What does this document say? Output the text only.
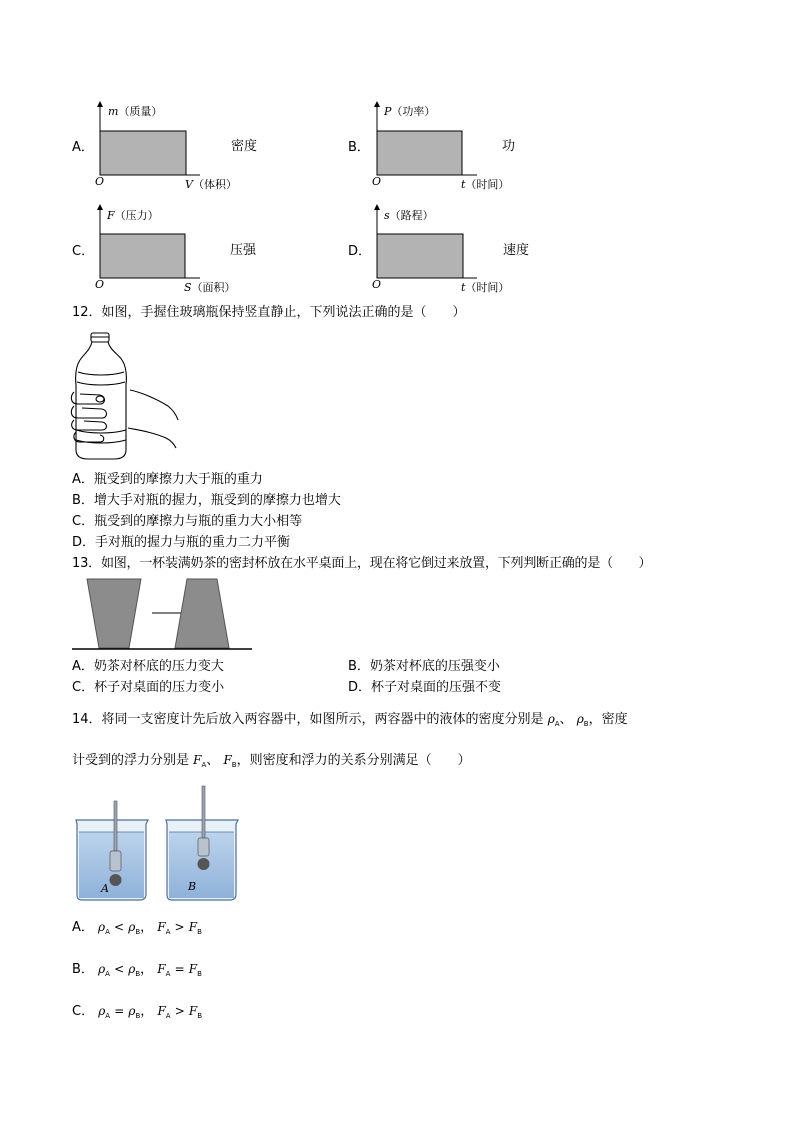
A．
m（质量）
O	V（体积）
密度	B．
P（功率）
O	t（时间）
功
C．
F（压力）
O	S（面积）
压强	D．
s（路程）
O	t（时间）
速度
12．如图，手握住玻璃瓶保持竖直静止，下列说法正确的是（　　）
A．瓶受到的摩擦力大于瓶的重力
B．增大手对瓶的握力，瓶受到的摩擦力也增大
C．瓶受到的摩擦力与瓶的重力大小相等
D．手对瓶的握力与瓶的重力二力平衡
13．如图，一杯装满奶茶的密封杯放在水平桌面上，现在将它倒过来放置，下列判断正确的是（　　）
A．奶茶对杯底的压力变大	B．奶茶对杯底的压强变小
C．杯子对桌面的压力变小	D．杯子对桌面的压强不变
14．将同一支密度计先后放入两容器中，如图所示，两容器中的液体的密度分别是 $\rho_A$、 $\rho_B$，密度
计受到的浮力分别是 $F_A$、 $F_B$，则密度和浮力的关系分别满足（　　）
A	B
A． $\rho_A < \rho_B$， $F_A > F_B$
B． $\rho_A < \rho_B$， $F_A = F_B$
C． $\rho_A = \rho_B$， $F_A > F_B$
